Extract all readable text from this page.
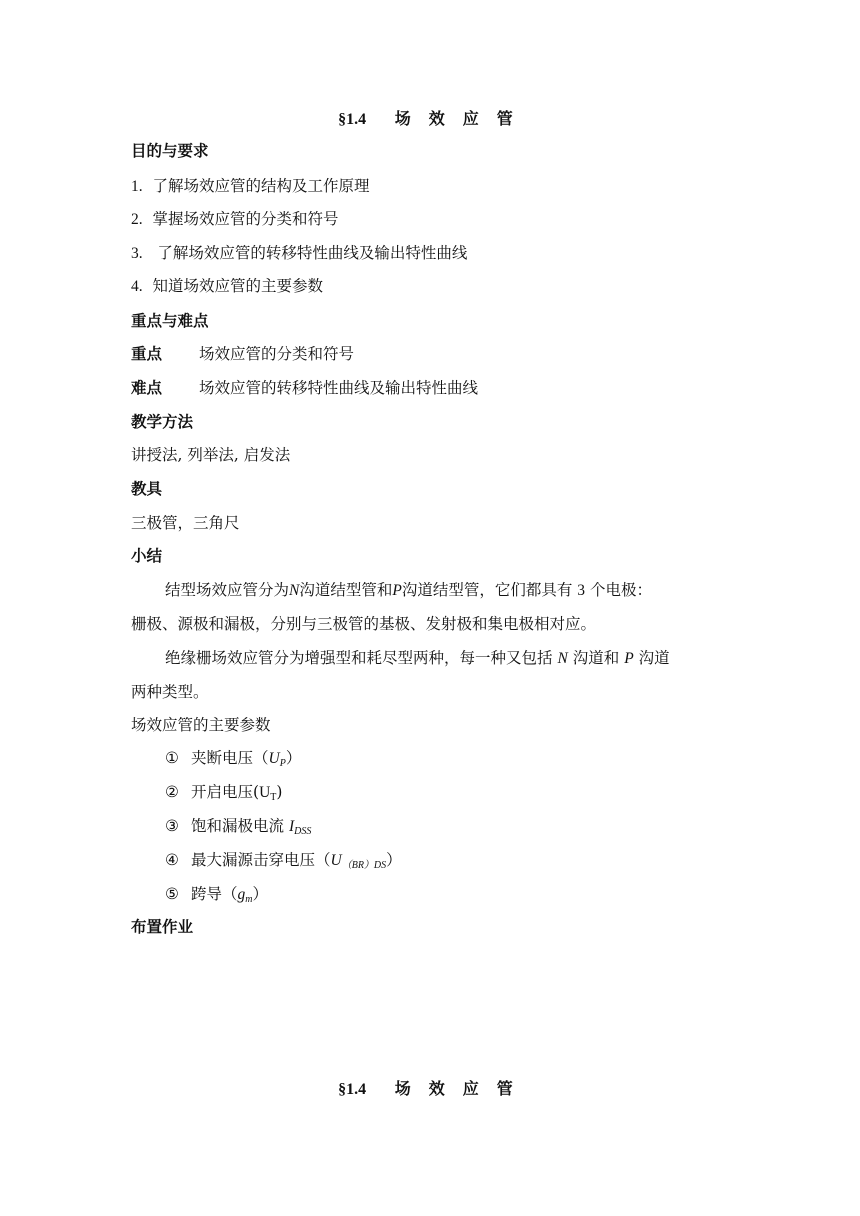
§1.4 场 效 应 管
目的与要求
1. 了解场效应管的结构及工作原理
2. 掌握场效应管的分类和符号
3. 了解场效应管的转移特性曲线及输出特性曲线
4. 知道场效应管的主要参数
重点与难点
重点 场效应管的分类和符号
难点 场效应管的转移特性曲线及输出特性曲线
教学方法
讲授法, 列举法, 启发法
教具
三极管，三角尺
小结
结型场效应管分为N沟道结型管和P沟道结型管，它们都具有 3 个电极：
栅极、源极和漏极，分别与三极管的基极、发射极和集电极相对应。
绝缘栅场效应管分为增强型和耗尽型两种，每一种又包括 N 沟道和 P 沟道
两种类型。
场效应管的主要参数
① 夹断电压$(U_P)$
② 开启电压$(U_T)$
③ 饱和漏极电流 $I_{DSS}$
④ 最大漏源击穿电压$(U_{(BR)DS})$
⑤ 跨导$(g_m)$
布置作业
§1.4 场 效 应 管
